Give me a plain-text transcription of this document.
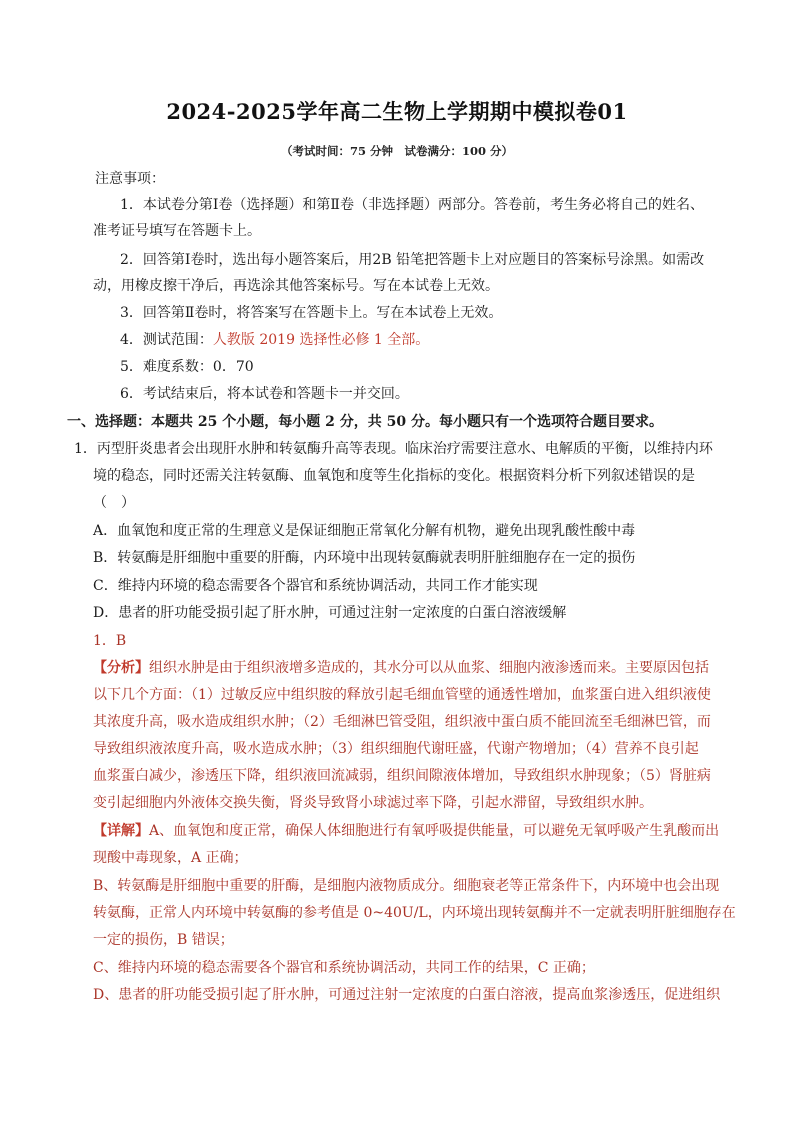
2024-2025学年高二生物上学期期中模拟卷01
（考试时间：75 分钟　试卷满分：100 分）
注意事项：
1．本试卷分第Ⅰ卷（选择题）和第Ⅱ卷（非选择题）两部分。答卷前，考生务必将自己的姓名、
准考证号填写在答题卡上。
2．回答第Ⅰ卷时，选出每小题答案后，用2B 铅笔把答题卡上对应题目的答案标号涂黑。如需改
动，用橡皮擦干净后，再选涂其他答案标号。写在本试卷上无效。
3．回答第Ⅱ卷时，将答案写在答题卡上。写在本试卷上无效。
4．测试范围：人教版 2019 选择性必修 1 全部。
5．难度系数：0．70
6．考试结束后，将本试卷和答题卡一并交回。
一、选择题：本题共 25 个小题，每小题 2 分，共 50 分。每小题只有一个选项符合题目要求。
1．丙型肝炎患者会出现肝水肿和转氨酶升高等表现。临床治疗需要注意水、电解质的平衡，以维持内环
境的稳态，同时还需关注转氨酶、血氧饱和度等生化指标的变化。根据资料分析下列叙述错误的是
（　）
A．血氧饱和度正常的生理意义是保证细胞正常氧化分解有机物，避免出现乳酸性酸中毒
B．转氨酶是肝细胞中重要的肝酶，内环境中出现转氨酶就表明肝脏细胞存在一定的损伤
C．维持内环境的稳态需要各个器官和系统协调活动，共同工作才能实现
D．患者的肝功能受损引起了肝水肿，可通过注射一定浓度的白蛋白溶液缓解
1．B
【分析】组织水肿是由于组织液增多造成的，其水分可以从血浆、细胞内液渗透而来。主要原因包括
以下几个方面：（1）过敏反应中组织胺的释放引起毛细血管壁的通透性增加，血浆蛋白进入组织液使
其浓度升高，吸水造成组织水肿；（2）毛细淋巴管受阻，组织液中蛋白质不能回流至毛细淋巴管，而
导致组织液浓度升高，吸水造成水肿；（3）组织细胞代谢旺盛，代谢产物增加；（4）营养不良引起
血浆蛋白减少，渗透压下降，组织液回流减弱，组织间隙液体增加，导致组织水肿现象；（5）肾脏病
变引起细胞内外液体交换失衡，肾炎导致肾小球滤过率下降，引起水滞留，导致组织水肿。
【详解】A、血氧饱和度正常，确保人体细胞进行有氧呼吸提供能量，可以避免无氧呼吸产生乳酸而出
现酸中毒现象，A 正确；
B、转氨酶是肝细胞中重要的肝酶，是细胞内液物质成分。细胞衰老等正常条件下，内环境中也会出现
转氨酶，正常人内环境中转氨酶的参考值是 0~40U/L，内环境出现转氨酶并不一定就表明肝脏细胞存在
一定的损伤，B 错误；
C、维持内环境的稳态需要各个器官和系统协调活动，共同工作的结果，C 正确；
D、患者的肝功能受损引起了肝水肿，可通过注射一定浓度的白蛋白溶液，提高血浆渗透压，促进组织
